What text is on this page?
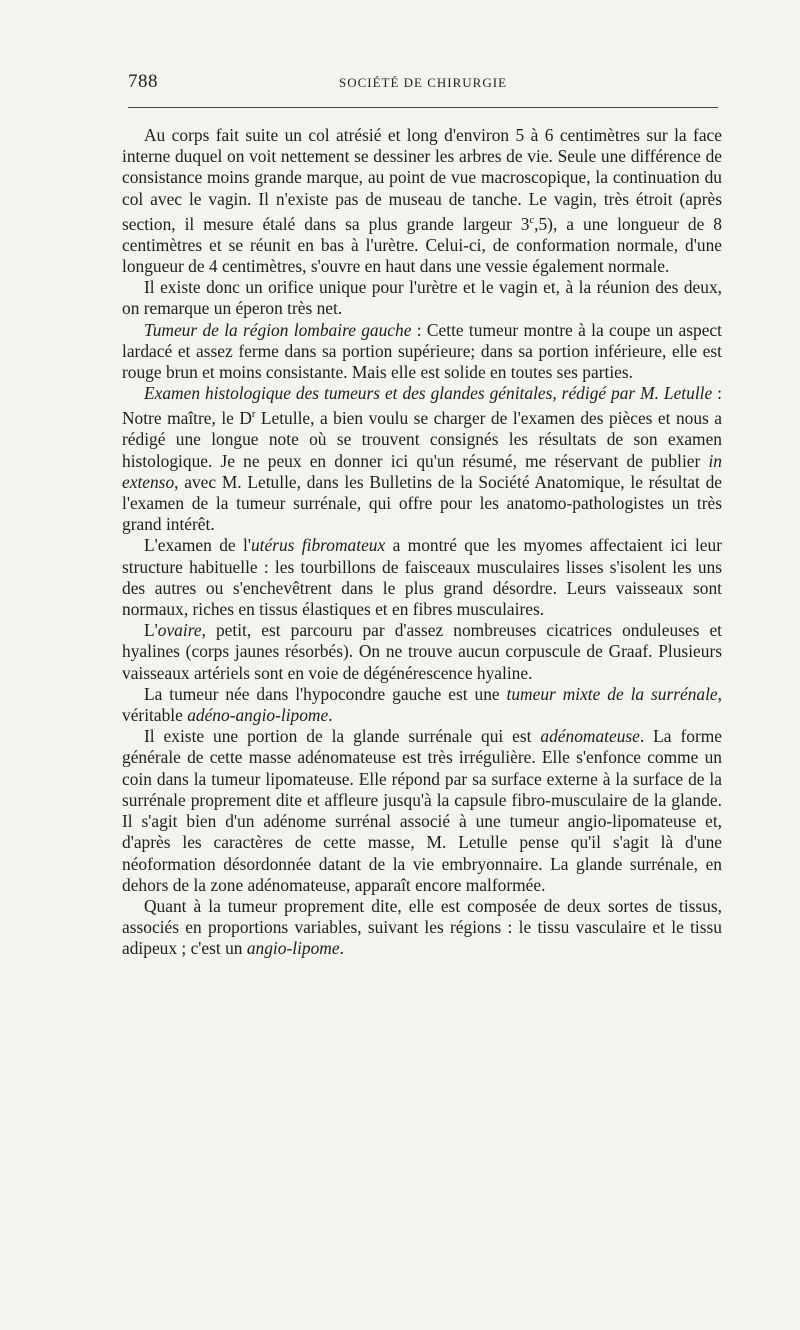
788	SOCIÉTÉ DE CHIRURGIE

Au corps fait suite un col atrésié et long d'environ 5 à 6 centimètres sur la face interne duquel on voit nettement se dessiner les arbres de vie. Seule une différence de consistance moins grande marque, au point de vue macroscopique, la continuation du col avec le vagin. Il n'existe pas de museau de tanche. Le vagin, très étroit (après section, il mesure étalé dans sa plus grande largeur 3$^c$,5), a une longueur de 8 centimètres et se réunit en bas à l'urètre. Celui-ci, de conformation normale, d'une longueur de 4 centimètres, s'ouvre en haut dans une vessie également normale.

Il existe donc un orifice unique pour l'urètre et le vagin et, à la réunion des deux, on remarque un éperon très net.

Tumeur de la région lombaire gauche : Cette tumeur montre à la coupe un aspect lardacé et assez ferme dans sa portion supérieure; dans sa portion inférieure, elle est rouge brun et moins consistante. Mais elle est solide en toutes ses parties.

Examen histologique des tumeurs et des glandes génitales, rédigé par M. Letulle : Notre maître, le $D^r$ Letulle, a bien voulu se charger de l'examen des pièces et nous a rédigé une longue note où se trouvent consignés les résultats de son examen histologique. Je ne peux en donner ici qu'un résumé, me réservant de publier in extenso, avec M. Letulle, dans les Bulletins de la Société Anatomique, le résultat de l'examen de la tumeur surrénale, qui offre pour les anatomo-pathologistes un très grand intérêt.

L'examen de l'utérus fibromateux a montré que les myomes affectaient ici leur structure habituelle : les tourbillons de faisceaux musculaires lisses s'isolent les uns des autres ou s'enchevêtrent dans le plus grand désordre. Leurs vaisseaux sont normaux, riches en tissus élastiques et en fibres musculaires.

L'ovaire, petit, est parcouru par d'assez nombreuses cicatrices onduleuses et hyalines (corps jaunes résorbés). On ne trouve aucun corpuscule de Graaf. Plusieurs vaisseaux artériels sont en voie de dégénérescence hyaline.

La tumeur née dans l'hypocondre gauche est une tumeur mixte de la surrénale, véritable adéno-angio-lipome.

Il existe une portion de la glande surrénale qui est adénomateuse. La forme générale de cette masse adénomateuse est très irrégulière. Elle s'enfonce comme un coin dans la tumeur lipomateuse. Elle répond par sa surface externe à la surface de la surrénale proprement dite et affleure jusqu'à la capsule fibro-musculaire de la glande. Il s'agit bien d'un adénome surrénal associé à une tumeur angio-lipomateuse et, d'après les caractères de cette masse, M. Letulle pense qu'il s'agit là d'une néoformation désordonnée datant de la vie embryonnaire. La glande surrénale, en dehors de la zone adénomateuse, apparaît encore malformée.

Quant à la tumeur proprement dite, elle est composée de deux sortes de tissus, associés en proportions variables, suivant les régions : le tissu vasculaire et le tissu adipeux ; c'est un angio-lipome.
